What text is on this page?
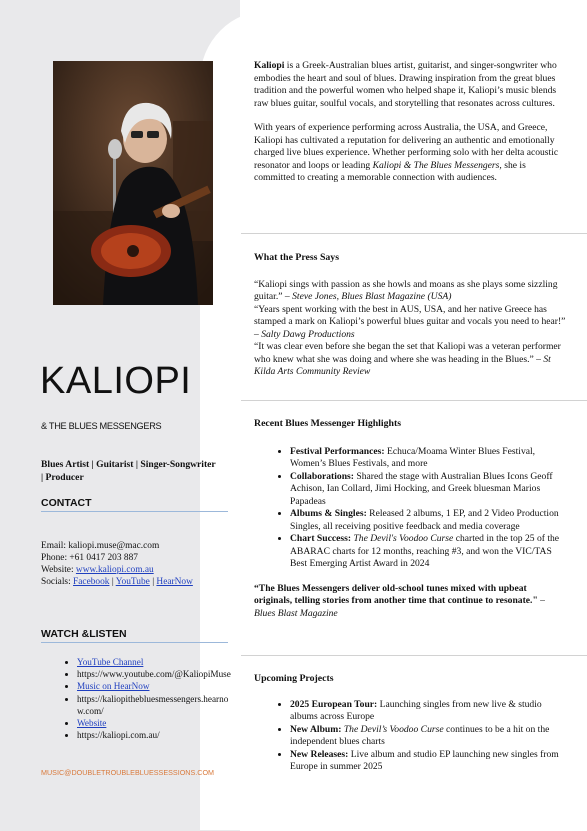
Kaliopi is a Greek-Australian blues artist, guitarist, and singer-songwriter who embodies the heart and soul of blues. Drawing inspiration from the great blues tradition and the powerful women who helped shape it, Kaliopi’s music blends raw blues guitar, soulful vocals, and storytelling that resonates across cultures.

With years of experience performing across Australia, the USA, and Greece, Kaliopi has cultivated a reputation for delivering an authentic and emotionally charged live blues experience. Whether performing solo with her delta acoustic resonator and loops or leading Kaliopi & The Blues Messengers, she is committed to creating a memorable connection with audiences.

What the Press Says

“Kaliopi sings with passion as she howls and moans as she plays some sizzling guitar.” – Steve Jones, Blues Blast Magazine (USA)

“Years spent working with the best in AUS, USA, and her native Greece has stamped a mark on Kaliopi’s powerful blues guitar and vocals you need to hear!” – Salty Dawg Productions

“It was clear even before she began the set that Kaliopi was a veteran performer who knew what she was doing and where she was heading in the Blues.” – St Kilda Arts Community Review

Recent Blues Messenger Highlights
• Festival Performances: Echuca/Moama Winter Blues Festival, Women’s Blues Festivals, and more
• Collaborations: Shared the stage with Australian Blues Icons Geoff Achison, Ian Collard, Jimi Hocking, and Greek bluesman Marios Papadeas
• Albums & Singles: Released 2 albums, 1 EP, and 2 Video Production Singles, all receiving positive feedback and media coverage
• Chart Success: The Devil's Voodoo Curse charted in the top 25 of the ABARAC charts for 12 months, reaching #3, and won the VIC/TAS Best Emerging Artist Award in 2024

“The Blues Messengers deliver old-school tunes mixed with upbeat originals, telling stories from another time that continue to resonate." – Blues Blast Magazine

Upcoming Projects
• 2025 European Tour: Launching singles from new live & studio albums across Europe
• New Album: The Devil’s Voodoo Curse continues to be a hit on the independent blues charts
• New Releases: Live album and studio EP launching new singles from Europe in summer 2025
KALIOPI
& THE BLUES MESSENGERS
Blues Artist | Guitarist | Singer-Songwriter | Producer
CONTACT
Email: kaliopi.muse@mac.com
Phone: +61 0417 203 887
Website: www.kaliopi.com.au
Socials: Facebook | YouTube | HearNow
WATCH &LISTEN
• YouTube Channel
• https://www.youtube.com/@KaliopiMuse
• Music on HearNow
• https://kaliopithebluesmessengers.hearnow.com/
• Website
• https://kaliopi.com.au/
MUSIC@DOUBLETROUBLEBLUESSESSIONS.COM
